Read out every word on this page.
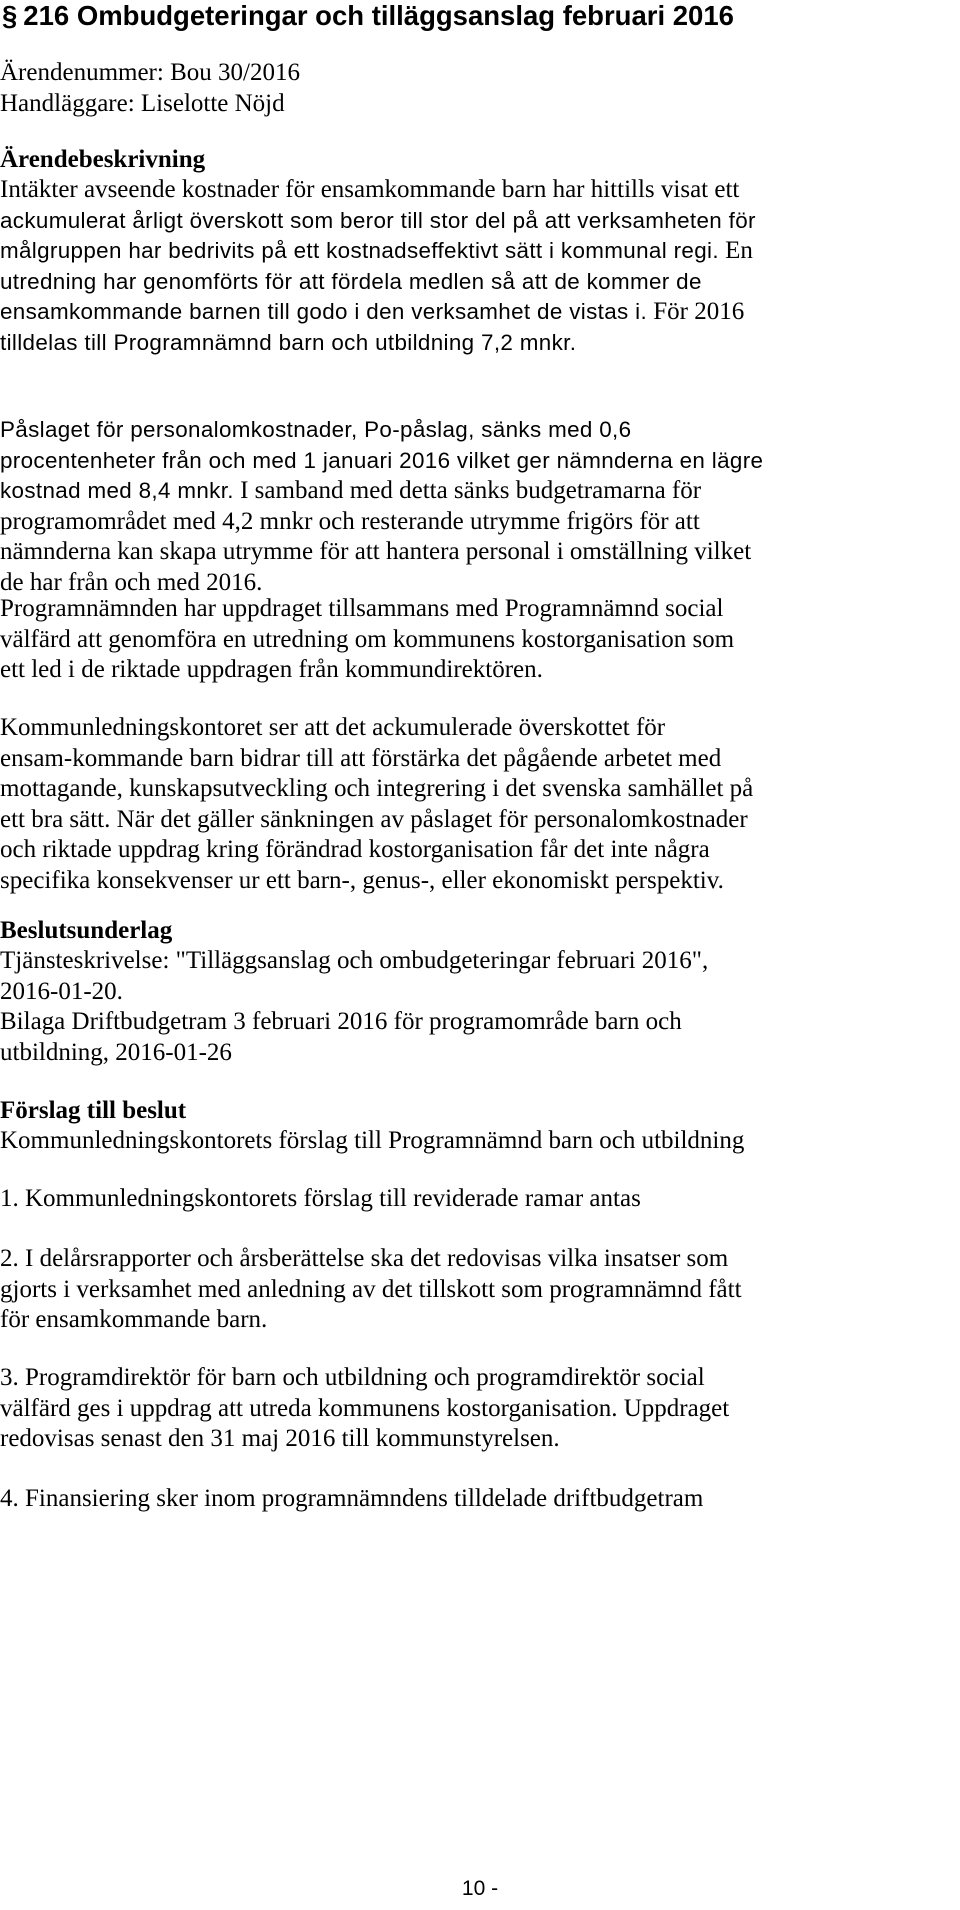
§ 216 Ombudgeteringar och tilläggsanslag februari 2016
Ärendenummer: Bou 30/2016
Handläggare: Liselotte Nöjd
Ärendebeskrivning
Intäkter avseende kostnader för ensamkommande barn har hittills visat ett
ackumulerat årligt överskott som beror till stor del på att verksamheten för
målgruppen har bedrivits på ett kostnadseffektivt sätt i kommunal regi. En
utredning har genomförts för att fördela medlen så att de kommer de
ensamkommande barnen till godo i den verksamhet de vistas i. För 2016
tilldelas till Programnämnd barn och utbildning 7,2 mnkr.
Påslaget för personalomkostnader, Po-påslag, sänks med 0,6
procentenheter från och med 1 januari 2016 vilket ger nämnderna en lägre
kostnad med 8,4 mnkr. I samband med detta sänks budgetramarna för
programområdet med 4,2 mnkr och resterande utrymme frigörs för att
nämnderna kan skapa utrymme för att hantera personal i omställning vilket
de har från och med 2016.
Programnämnden har uppdraget tillsammans med Programnämnd social
välfärd att genomföra en utredning om kommunens kostorganisation som
ett led i de riktade uppdragen från kommundirektören.
Kommunledningskontoret ser att det ackumulerade överskottet för
ensam-kommande barn bidrar till att förstärka det pågående arbetet med
mottagande, kunskapsutveckling och integrering i det svenska samhället på
ett bra sätt. När det gäller sänkningen av påslaget för personalomkostnader
och riktade uppdrag kring förändrad kostorganisation får det inte några
specifika konsekvenser ur ett barn-, genus-, eller ekonomiskt perspektiv.
Beslutsunderlag
Tjänsteskrivelse: "Tilläggsanslag och ombudgeteringar februari 2016",
2016-01-20.
Bilaga Driftbudgetram 3 februari 2016 för programområde barn och
utbildning, 2016-01-26
Förslag till beslut
Kommunledningskontorets förslag till Programnämnd barn och utbildning
1. Kommunledningskontorets förslag till reviderade ramar antas
2. I delårsrapporter och årsberättelse ska det redovisas vilka insatser som
gjorts i verksamhet med anledning av det tillskott som programnämnd fått
för ensamkommande barn.
3. Programdirektör för barn och utbildning och programdirektör social
välfärd ges i uppdrag att utreda kommunens kostorganisation. Uppdraget
redovisas senast den 31 maj 2016 till kommunstyrelsen.
4. Finansiering sker inom programnämndens tilldelade driftbudgetram
10 -
